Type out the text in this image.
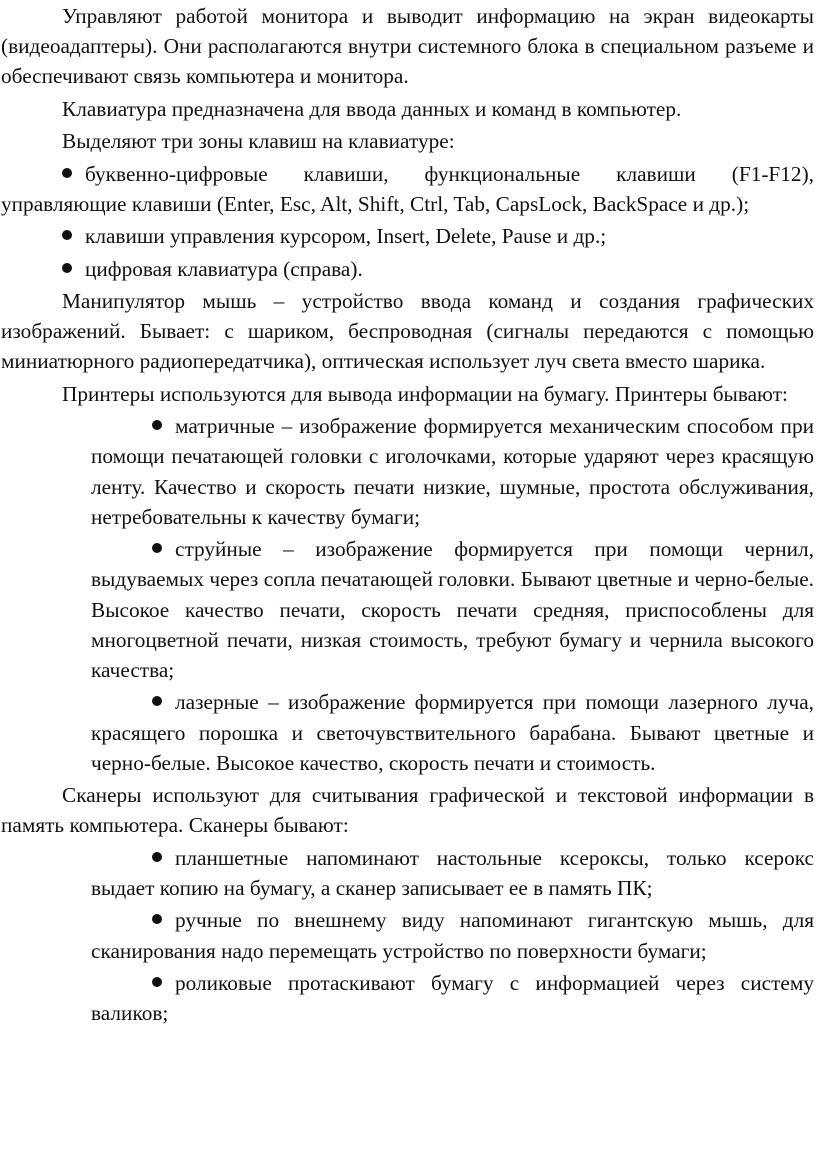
Управляют работой монитора и выводит информацию на экран видеокарты (видеоадаптеры). Они располагаются внутри системного блока в специальном разъеме и обеспечивают связь компьютера и монитора.

Клавиатура предназначена для ввода данных и команд в компьютер.

Выделяют три зоны клавиш на клавиатуре:

буквенно-цифровые клавиши, функциональные клавиши (F1-F12), управляющие клавиши (Enter, Esc, Alt, Shift, Ctrl, Tab, CapsLock, BackSpace и др.);

клавиши управления курсором, Insert, Delete, Pause и др.;

цифровая клавиатура (справа).

Манипулятор мышь – устройство ввода команд и создания графических изображений. Бывает: с шариком, беспроводная (сигналы передаются с помощью миниатюрного радиопередатчика), оптическая использует луч света вместо шарика.

Принтеры используются для вывода информации на бумагу. Принтеры бывают:

матричные – изображение формируется механическим способом при помощи печатающей головки с иголочками, которые ударяют через красящую ленту. Качество и скорость печати низкие, шумные, простота обслуживания, нетребовательны к качеству бумаги;

струйные – изображение формируется при помощи чернил, выдуваемых через сопла печатающей головки. Бывают цветные и черно-белые. Высокое качество печати, скорость печати средняя, приспособлены для многоцветной печати, низкая стоимость, требуют бумагу и чернила высокого качества;

лазерные – изображение формируется при помощи лазерного луча, красящего порошка и светочувствительного барабана. Бывают цветные и черно-белые. Высокое качество, скорость печати и стоимость.

Сканеры используют для считывания графической и текстовой информации в память компьютера. Сканеры бывают:

планшетные напоминают настольные ксероксы, только ксерокс выдает копию на бумагу, а сканер записывает ее в память ПК;

ручные по внешнему виду напоминают гигантскую мышь, для сканирования надо перемещать устройство по поверхности бумаги;

роликовые протаскивают бумагу с информацией через систему валиков;
